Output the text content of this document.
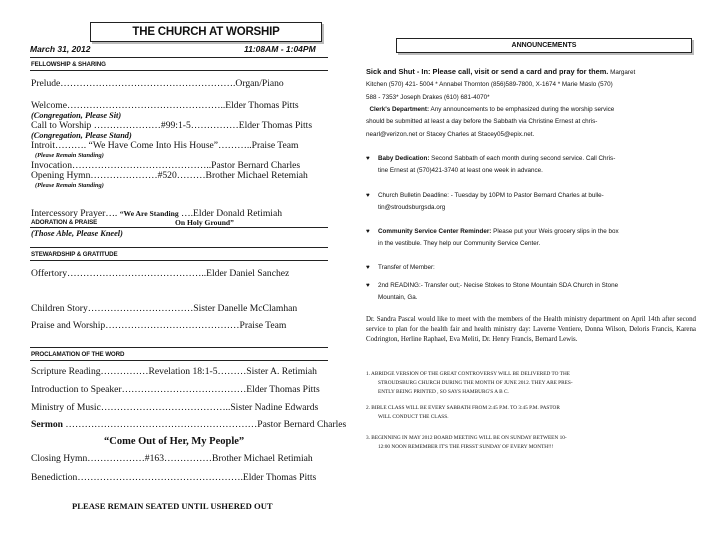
THE CHURCH AT WORSHIP
March 31, 2012	11:08AM - 1:04PM
FELLOWSHIP & SHARING
Prelude……………………………………………….Organ/Piano
Welcome…………………………………………..Elder Thomas Pitts
(Congregation, Please Sit)
Call to Worship …………………#99:1-5……………Elder Thomas Pitts
(Congregation, Please Stand)
Introit………. “We Have Come Into His House”………..Praise Team
(Please Remain Standing)
Invocation……………………………………..Pastor Bernard Charles
Opening Hymn…………………#520………Brother Michael Retemiah
(Please Remain Standing)
Intercessory Prayer…. “We Are Standing ….Elder Donald Retimiah
On Holy Ground”
ADORATION & PRAISE
(Those Able, Please Kneel)
STEWARDSHIP & GRATITUDE
Offertory……………………………………..Elder Daniel Sanchez
Children Story……………………………Sister Danelle McClamhan
Praise and Worship……………………………………Praise Team
PROCLAMATION OF THE WORD
Scripture Reading……………Revelation 18:1-5………Sister A. Retimiah
Introduction to Speaker…………………………………Elder Thomas Pitts
Ministry of Music…………………………………..Sister Nadine Edwards
Sermon ……………………………………………………Pastor Bernard Charles
“Come Out of Her, My People”
Closing Hymn………………#163……………Brother Michael Retimiah
Benediction…………………………………………….Elder Thomas Pitts
PLEASE REMAIN SEATED UNTIL USHERED OUT
ANNOUNCEMENTS
Sick and Shut - In: Please call, visit or send a card and pray for them. Margaret
Kitchen (570) 421- 5004 * Annabel Thornton (856)589-7800, X-1674 * Marie Maslo (570)
588 - 7353* Joseph Drakes (610) 681-4070*
Clerk's Department: Any announcements to be emphasized during the worship service
should be submitted at least a day before the Sabbath via Christine Ernest at chris-
nearl@verizon.net or Stacey Charles at Stacey05@epix.net.
♥ Baby Dedication: Second Sabbath of each month during second service. Call Chris-
tine Ernest at (570)421-3740 at least one week in advance.
♥ Church Bulletin Deadline: - Tuesday by 10PM to Pastor Bernard Charles at bulle-
tin@stroudsburgsda.org
♥ Community Service Center Reminder: Please put your Weis grocery slips in the box
in the vestibule. They help our Community Service Center.
♥ Transfer of Member:
♥ 2nd READING:- Transfer out;- Necise Stokes to Stone Mountain SDA Church in Stone
Mountain, Ga.
Dr. Sandra Pascal would like to meet with the members of the Health ministry department on April 14th after second service to plan for the health fair and health ministry day: Laverne Ventiere, Donna Wilson, Deloris Francis, Karena Codrington, Herline Raphael, Eva Meliti, Dr. Henry Francis, Bernard Lewis.
1. ABRIDGE VERSION OF THE GREAT CONTROVERSY WILL BE DELIVERED TO THE
STROUDSBURG CHURCH DURING THE MONTH OF JUNE 2012. THEY ARE PRES-
ENTLY BEING PRINTED , SO SAYS HAMBURG'S A B C.
2. BIBLE CLASS WILL BE EVERY SABBATH FROM 2:45 P.M. TO 3:45 P.M. PASTOR
WILL CONDUCT THE CLASS.
3. BEGINNING IN MAY 2012 BOARD MEETING WILL BE ON SUNDAY BETWEEN 10-
12:00 NOON REMEMBER IT'S THE FIRSST SUNDAY OF EVERY MONTH!!!
